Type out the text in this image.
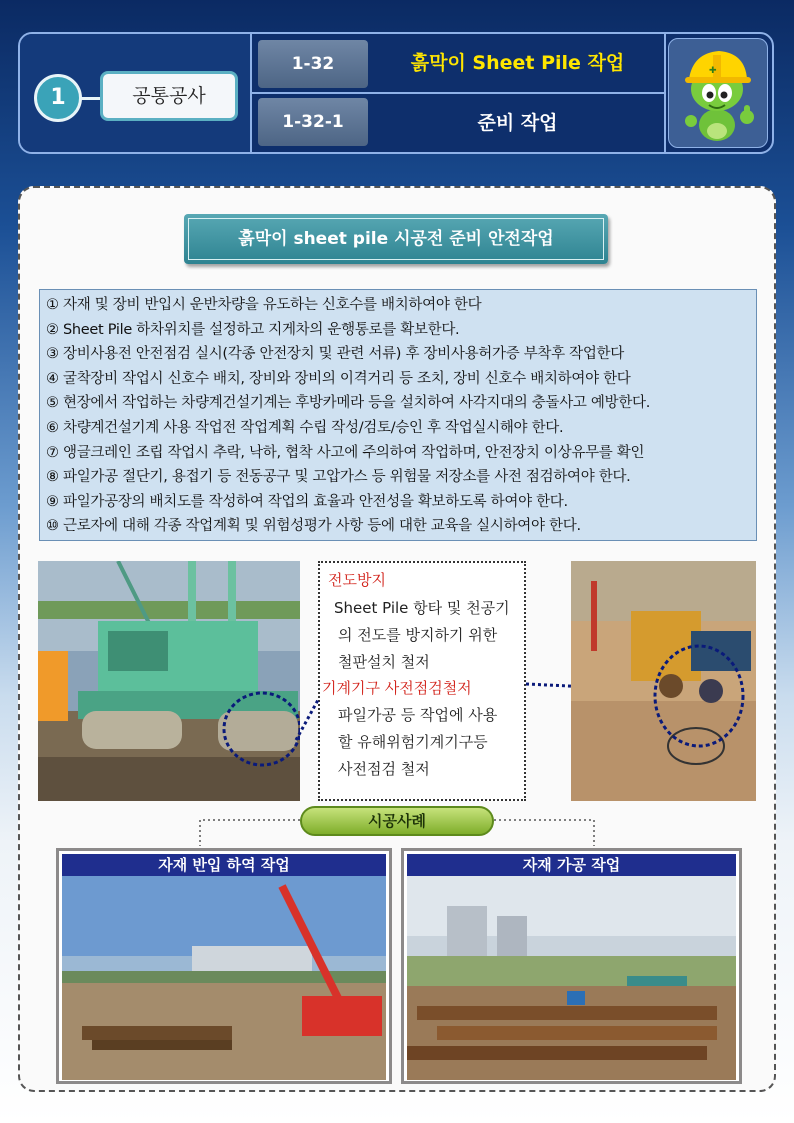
1	공통공사
1-32	흙막이 Sheet Pile 작업
1-32-1	준비 작업
✚
흙막이 sheet pile 시공전 준비 안전작업
① 자재 및 장비 반입시 운반차량을 유도하는 신호수를 배치하여야 한다
② Sheet Pile 하차위치를 설정하고 지게차의 운행통로를 확보한다.
③ 장비사용전 안전점검 실시(각종 안전장치 및 관련 서류) 후 장비사용허가증 부착후 작업한다
④ 굴착장비 작업시 신호수 배치, 장비와 장비의 이격거리 등 조치, 장비 신호수 배치하여야 한다
⑤ 현장에서 작업하는 차량계건설기계는 후방카메라 등을 설치하여 사각지대의 충돌사고 예방한다.
⑥ 차량계건설기계 사용 작업전 작업계획 수립 작성/검토/승인 후 작업실시해야 한다.
⑦ 앵글크레인 조립 작업시 추락, 낙하, 협착 사고에 주의하여 작업하며, 안전장치 이상유무를 확인
⑧ 파일가공 절단기, 용접기 등 전동공구 및 고압가스 등 위험물 저장소를 사전 점검하여야 한다.
⑨ 파일가공장의 배치도를 작성하여 작업의 효율과 안전성을 확보하도록 하여야 한다.
⑩ 근로자에 대해 각종 작업계획 및 위험성평가 사항 등에 대한 교육을 실시하여야 한다.
전도방지
Sheet Pile 항타 및 천공기
의 전도를 방지하기 위한
철판설치 철저
기계기구 사전점검철저
파일가공 등 작업에 사용
할 유해위험기계기구등
사전점검 철저
시공사례
자재 반입 하역 작업	자재 가공 작업
